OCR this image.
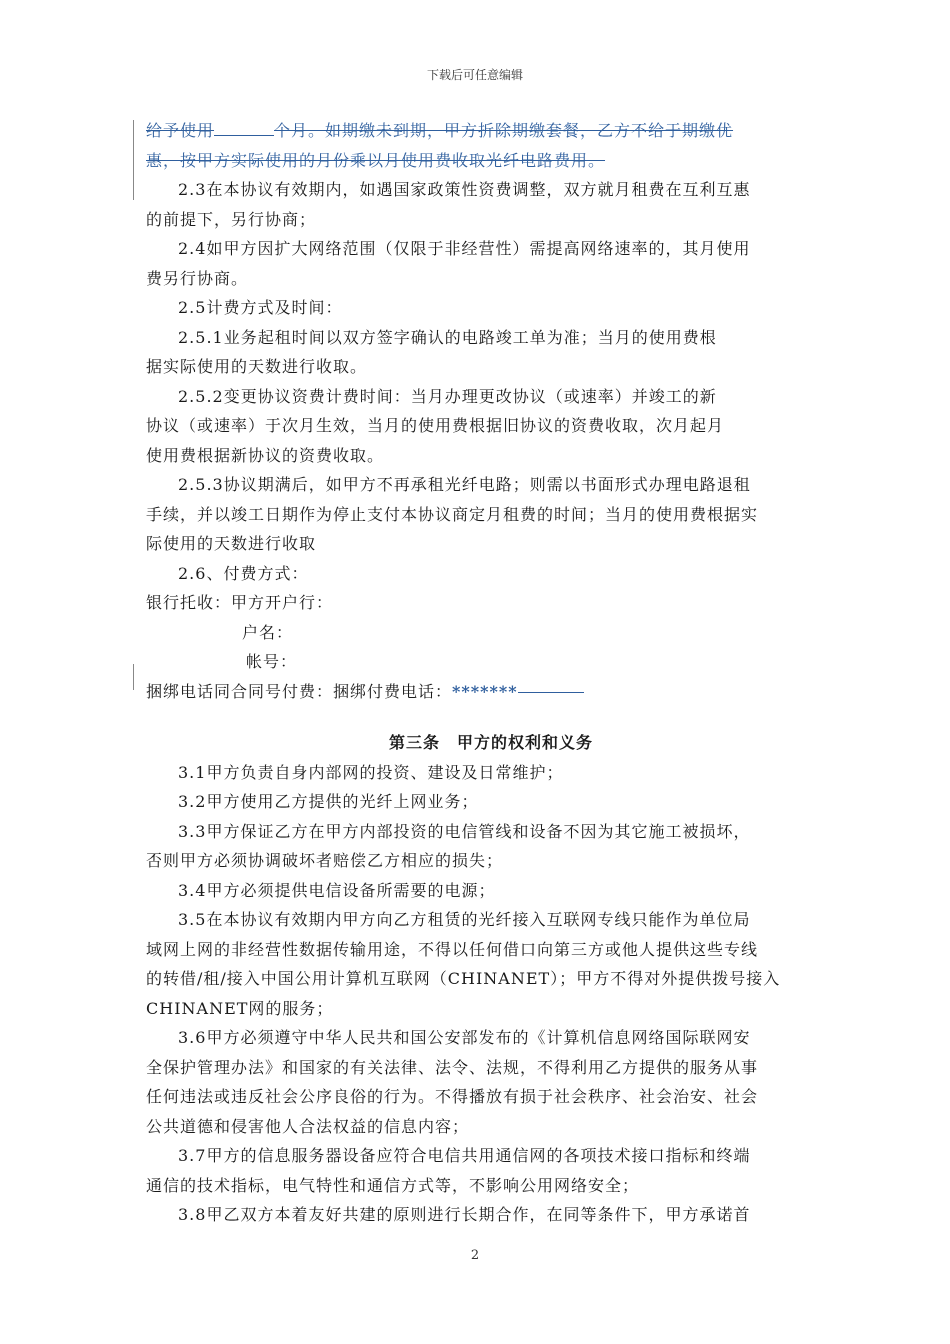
下载后可任意编辑
给予使用	个月。如期缴未到期，甲方折除期缴套餐，乙方不给于期缴优
惠，按甲方实际使用的月份乘以月使用费收取光纤电路费用。
2.3在本协议有效期内，如遇国家政策性资费调整，双方就月租费在互利互惠
的前提下，另行协商；
2.4如甲方因扩大网络范围（仅限于非经营性）需提高网络速率的，其月使用
费另行协商。
2.5计费方式及时间：
2.5.1业务起租时间以双方签字确认的电路竣工单为准；当月的使用费根
据实际使用的天数进行收取。
2.5.2变更协议资费计费时间：当月办理更改协议（或速率）并竣工的新
协议（或速率）于次月生效，当月的使用费根据旧协议的资费收取，次月起月
使用费根据新协议的资费收取。
2.5.3协议期满后，如甲方不再承租光纤电路；则需以书面形式办理电路退租
手续，并以竣工日期作为停止支付本协议商定月租费的时间；当月的使用费根据实
际使用的天数进行收取
2.6、付费方式：
银行托收：甲方开户行：
户名：
帐号：
捆绑电话同合同号付费：捆绑付费电话：*******
第三条　甲方的权利和义务
3.1甲方负责自身内部网的投资、建设及日常维护；
3.2甲方使用乙方提供的光纤上网业务；
3.3甲方保证乙方在甲方内部投资的电信管线和设备不因为其它施工被损坏，
否则甲方必须协调破坏者赔偿乙方相应的损失；
3.4甲方必须提供电信设备所需要的电源；
3.5在本协议有效期内甲方向乙方租赁的光纤接入互联网专线只能作为单位局
域网上网的非经营性数据传输用途，不得以任何借口向第三方或他人提供这些专线
的转借/租/接入中国公用计算机互联网（CHINANET）；甲方不得对外提供拨号接入
CHINANET网的服务；
3.6甲方必须遵守中华人民共和国公安部发布的《计算机信息网络国际联网安
全保护管理办法》和国家的有关法律、法令、法规，不得利用乙方提供的服务从事
任何违法或违反社会公序良俗的行为。不得播放有损于社会秩序、社会治安、社会
公共道德和侵害他人合法权益的信息内容；
3.7甲方的信息服务器设备应符合电信共用通信网的各项技术接口指标和终端
通信的技术指标，电气特性和通信方式等，不影响公用网络安全；
3.8甲乙双方本着友好共建的原则进行长期合作，在同等条件下，甲方承诺首
2
